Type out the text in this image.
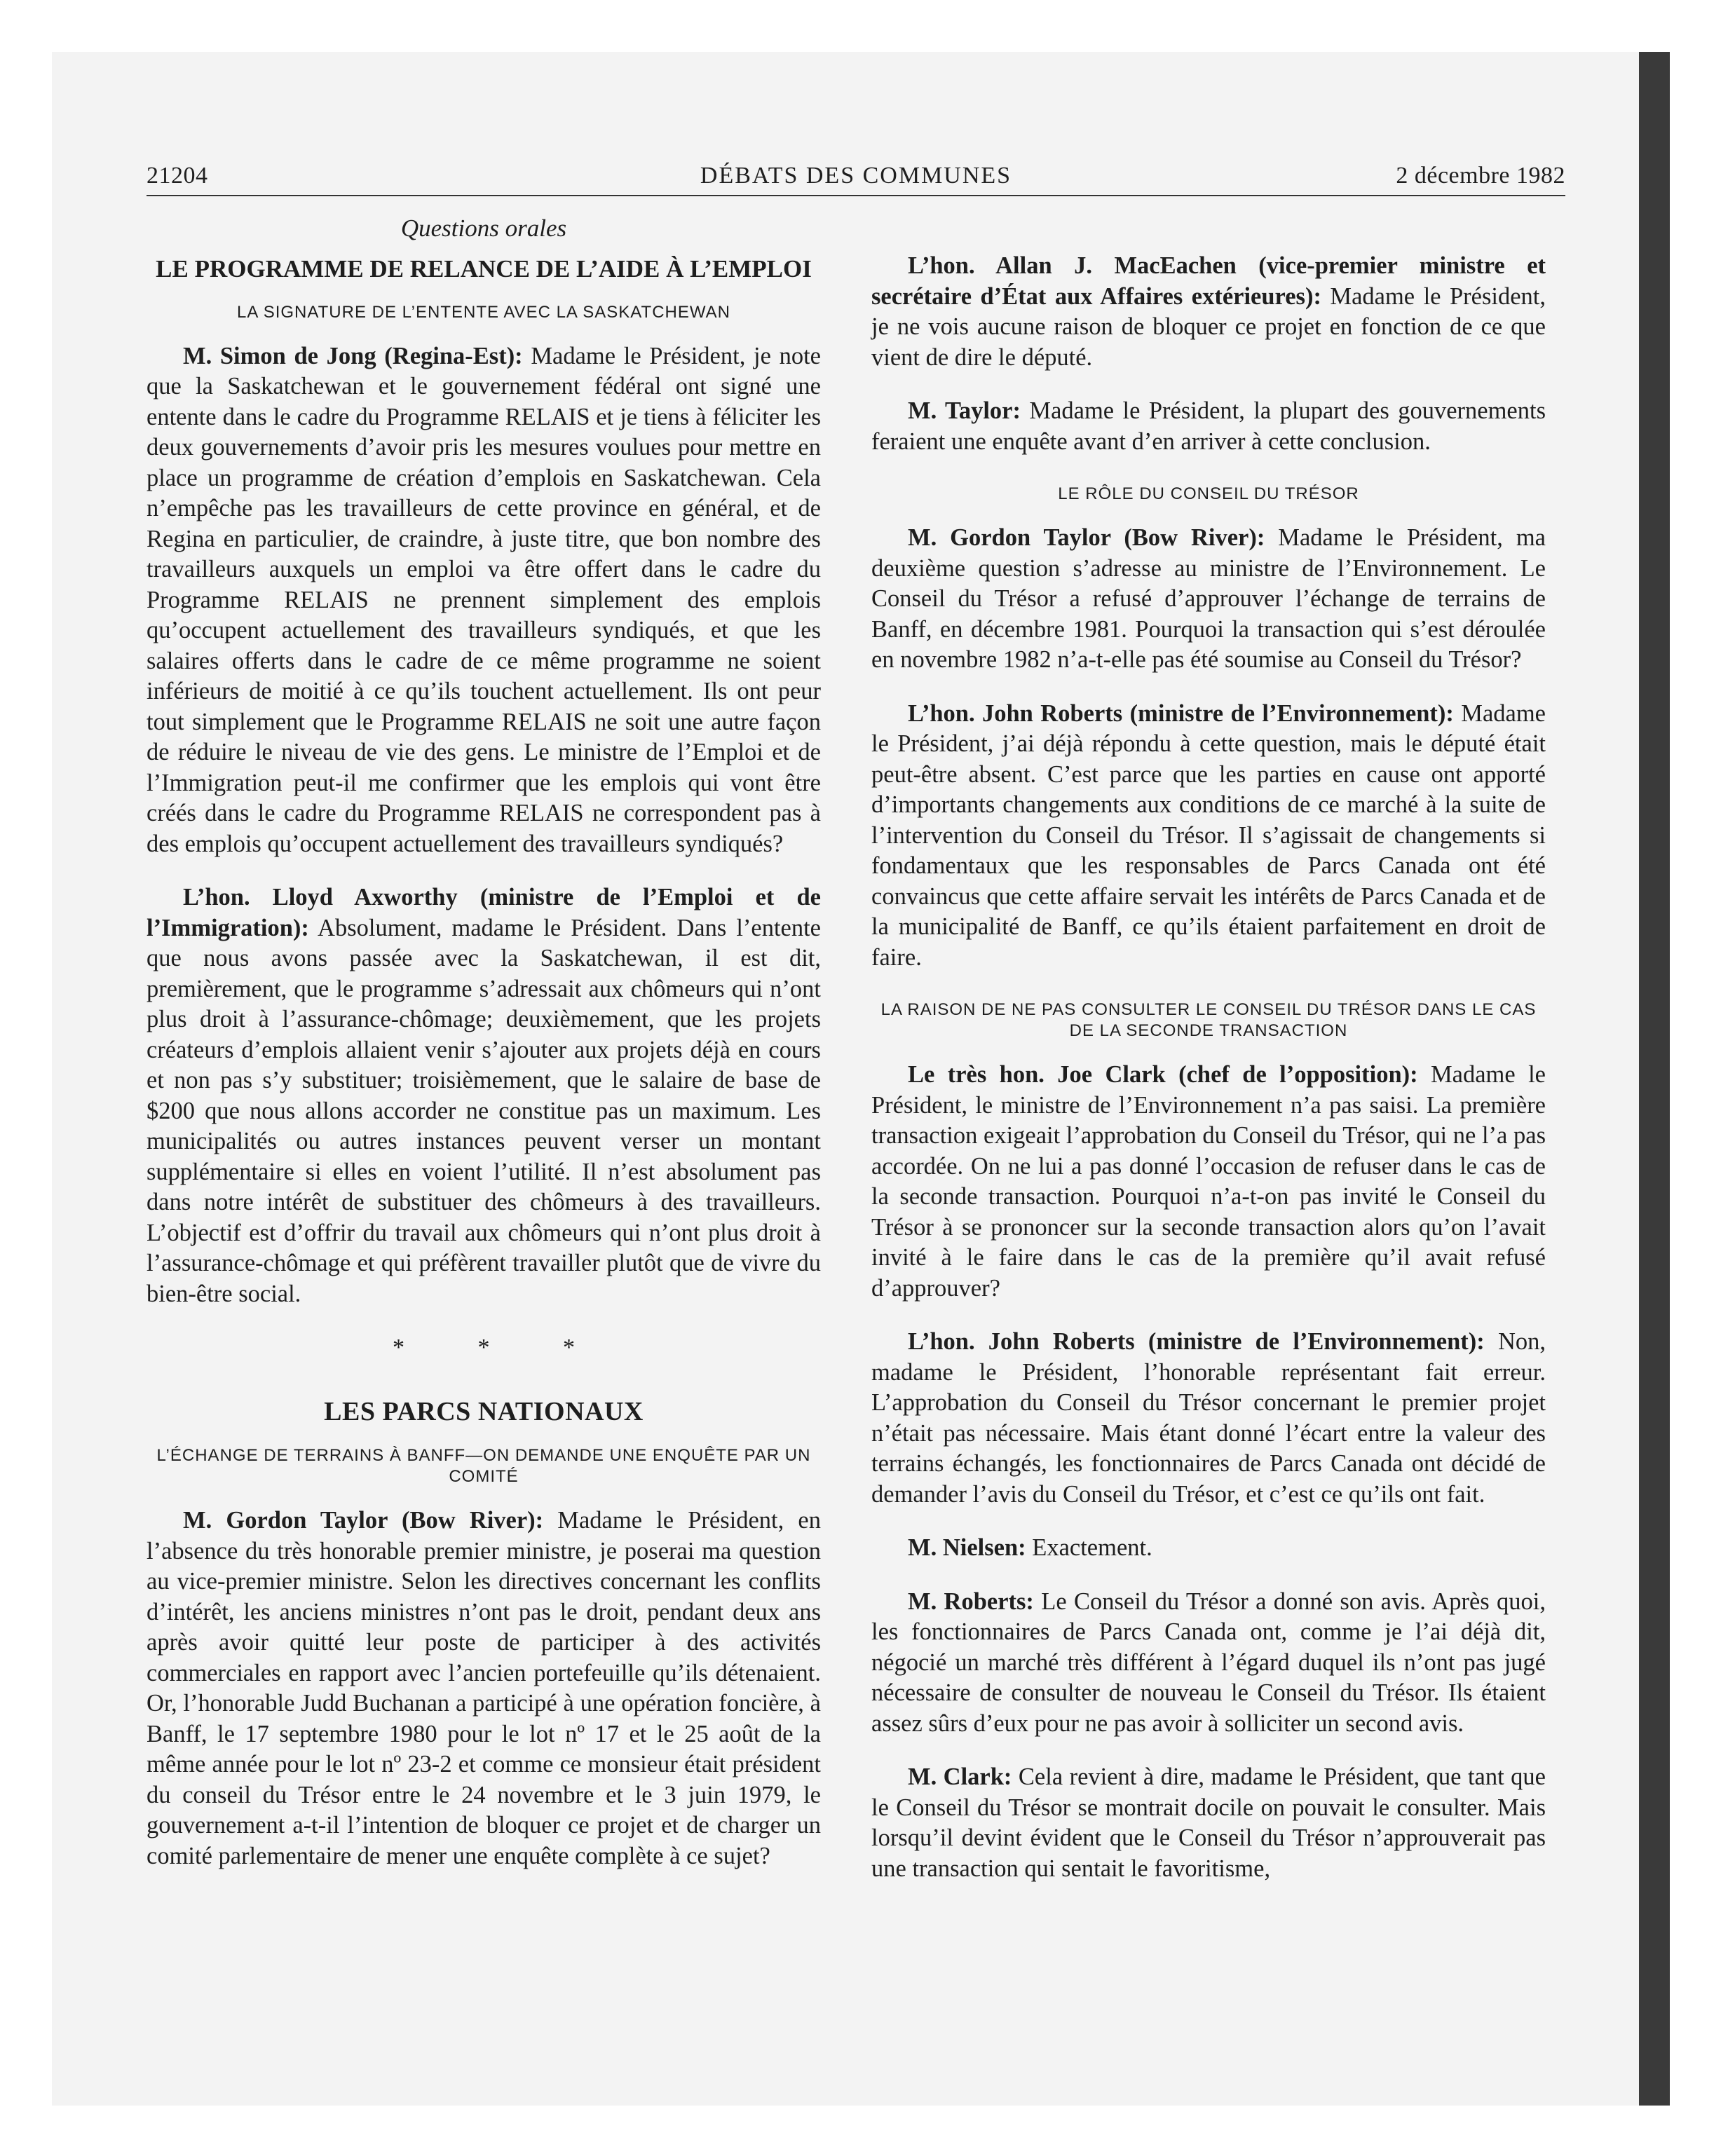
DÉBATS DES COMMUNES
21204	2 décembre 1982
Questions orales
LE PROGRAMME DE RELANCE DE L’AIDE À L’EMPLOI
LA SIGNATURE DE L’ENTENTE AVEC LA SASKATCHEWAN

M. Simon de Jong (Regina-Est): Madame le Président, je note que la Saskatchewan et le gouvernement fédéral ont signé une entente dans le cadre du Programme RELAIS et je tiens à féliciter les deux gouvernements d’avoir pris les mesures voulues pour mettre en place un programme de création d’emplois en Saskatchewan. Cela n’empêche pas les travailleurs de cette province en général, et de Regina en particulier, de craindre, à juste titre, que bon nombre des travailleurs auxquels un emploi va être offert dans le cadre du Programme RELAIS ne prennent simplement des emplois qu’occupent actuellement des travailleurs syndiqués, et que les salaires offerts dans le cadre de ce même programme ne soient inférieurs de moitié à ce qu’ils touchent actuellement. Ils ont peur tout simplement que le Programme RELAIS ne soit une autre façon de réduire le niveau de vie des gens. Le ministre de l’Emploi et de l’Immigration peut-il me confirmer que les emplois qui vont être créés dans le cadre du Programme RELAIS ne correspondent pas à des emplois qu’occupent actuellement des travailleurs syndiqués?

L’hon. Lloyd Axworthy (ministre de l’Emploi et de l’Immigration): Absolument, madame le Président. Dans l’entente que nous avons passée avec la Saskatchewan, il est dit, premièrement, que le programme s’adressait aux chômeurs qui n’ont plus droit à l’assurance-chômage; deuxièmement, que les projets créateurs d’emplois allaient venir s’ajouter aux projets déjà en cours et non pas s’y substituer; troisièmement, que le salaire de base de $200 que nous allons accorder ne constitue pas un maximum. Les municipalités ou autres instances peuvent verser un montant supplémentaire si elles en voient l’utilité. Il n’est absolument pas dans notre intérêt de substituer des chômeurs à des travailleurs. L’objectif est d’offrir du travail aux chômeurs qui n’ont plus droit à l’assurance-chômage et qui préfèrent travailler plutôt que de vivre du bien-être social.

* * *
LES PARCS NATIONAUX
L’ÉCHANGE DE TERRAINS À BANFF—ON DEMANDE UNE ENQUÊTE PAR UN COMITÉ

M. Gordon Taylor (Bow River): Madame le Président, en l’absence du très honorable premier ministre, je poserai ma question au vice-premier ministre. Selon les directives concernant les conflits d’intérêt, les anciens ministres n’ont pas le droit, pendant deux ans après avoir quitté leur poste de participer à des activités commerciales en rapport avec l’ancien portefeuille qu’ils détenaient. Or, l’honorable Judd Buchanan a participé à une opération foncière, à Banff, le 17 septembre 1980 pour le lot nº 17 et le 25 août de la même année pour le lot nº 23-2 et comme ce monsieur était président du conseil du Trésor entre le 24 novembre et le 3 juin 1979, le gouvernement a-t-il l’intention de bloquer ce projet et de charger un comité parlementaire de mener une enquête complète à ce sujet?

L’hon. Allan J. MacEachen (vice-premier ministre et secrétaire d’État aux Affaires extérieures): Madame le Président, je ne vois aucune raison de bloquer ce projet en fonction de ce que vient de dire le député.

M. Taylor: Madame le Président, la plupart des gouvernements feraient une enquête avant d’en arriver à cette conclusion.

LE RÔLE DU CONSEIL DU TRÉSOR

M. Gordon Taylor (Bow River): Madame le Président, ma deuxième question s’adresse au ministre de l’Environnement. Le Conseil du Trésor a refusé d’approuver l’échange de terrains de Banff, en décembre 1981. Pourquoi la transaction qui s’est déroulée en novembre 1982 n’a-t-elle pas été soumise au Conseil du Trésor?

L’hon. John Roberts (ministre de l’Environnement): Madame le Président, j’ai déjà répondu à cette question, mais le député était peut-être absent. C’est parce que les parties en cause ont apporté d’importants changements aux conditions de ce marché à la suite de l’intervention du Conseil du Trésor. Il s’agissait de changements si fondamentaux que les responsables de Parcs Canada ont été convaincus que cette affaire servait les intérêts de Parcs Canada et de la municipalité de Banff, ce qu’ils étaient parfaitement en droit de faire.

LA RAISON DE NE PAS CONSULTER LE CONSEIL DU TRÉSOR DANS LE CAS DE LA SECONDE TRANSACTION

Le très hon. Joe Clark (chef de l’opposition): Madame le Président, le ministre de l’Environnement n’a pas saisi. La première transaction exigeait l’approbation du Conseil du Trésor, qui ne l’a pas accordée. On ne lui a pas donné l’occasion de refuser dans le cas de la seconde transaction. Pourquoi n’a-t-on pas invité le Conseil du Trésor à se prononcer sur la seconde transaction alors qu’on l’avait invité à le faire dans le cas de la première qu’il avait refusé d’approuver?

L’hon. John Roberts (ministre de l’Environnement): Non, madame le Président, l’honorable représentant fait erreur. L’approbation du Conseil du Trésor concernant le premier projet n’était pas nécessaire. Mais étant donné l’écart entre la valeur des terrains échangés, les fonctionnaires de Parcs Canada ont décidé de demander l’avis du Conseil du Trésor, et c’est ce qu’ils ont fait.

M. Nielsen: Exactement.

M. Roberts: Le Conseil du Trésor a donné son avis. Après quoi, les fonctionnaires de Parcs Canada ont, comme je l’ai déjà dit, négocié un marché très différent à l’égard duquel ils n’ont pas jugé nécessaire de consulter de nouveau le Conseil du Trésor. Ils étaient assez sûrs d’eux pour ne pas avoir à solliciter un second avis.

M. Clark: Cela revient à dire, madame le Président, que tant que le Conseil du Trésor se montrait docile on pouvait le consulter. Mais lorsqu’il devint évident que le Conseil du Trésor n’approuverait pas une transaction qui sentait le favoritisme,
